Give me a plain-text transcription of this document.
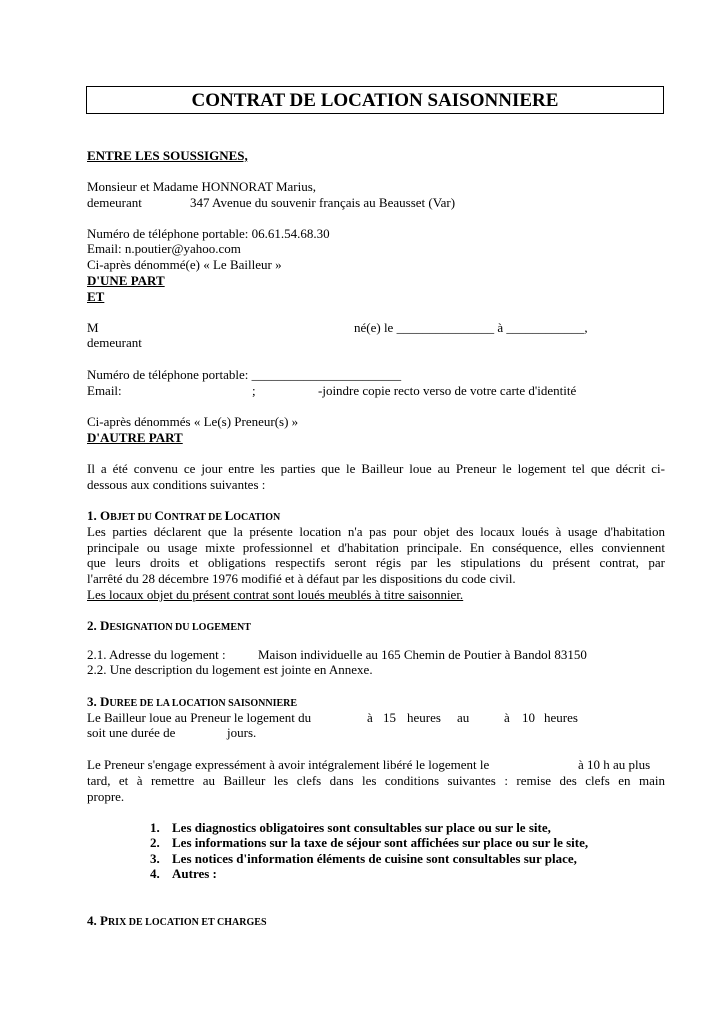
CONTRAT DE LOCATION SAISONNIERE
ENTRE LES SOUSSIGNES,
Monsieur et Madame HONNORAT Marius,
demeurant	347 Avenue du souvenir français au Beausset (Var)
Numéro de téléphone portable: 06.61.54.68.30
Email: n.poutier@yahoo.com
Ci-après dénommé(e) « Le Bailleur »
D'UNE PART
ET
M	né(e) le _______________ à ____________,
demeurant
Numéro de téléphone portable: _______________________
Email:	;	-joindre copie recto verso de votre carte d'identité
Ci-après dénommés « Le(s) Preneur(s) »
D'AUTRE PART
Il a été convenu ce jour entre les parties que le Bailleur loue au Preneur le logement tel que décrit ci-
dessous aux conditions suivantes :
1. OBJET DU CONTRAT DE LOCATION
Les parties déclarent que la présente location n'a pas pour objet des locaux loués à usage d'habitation
principale ou usage mixte professionnel et d'habitation principale. En conséquence, elles conviennent
que leurs droits et obligations respectifs seront régis par les stipulations du présent contrat, par
l'arrêté du 28 décembre 1976 modifié et à défaut par les dispositions du code civil.
Les locaux objet du présent contrat sont loués meublés à titre saisonnier.
2. DESIGNATION DU LOGEMENT
2.1. Adresse du logement : Maison individuelle au 165 Chemin de Poutier à Bandol 83150
2.2. Une description du logement est jointe en Annexe.
3. DUREE DE LA LOCATION SAISONNIERE
Le Bailleur loue au Preneur le logement du	à 15 heures au	à 10 heures
soit une durée de	jours.
Le Preneur s'engage expressément à avoir intégralement libéré le logement le	à 10 h au plus
tard, et à remettre au Bailleur les clefs dans les conditions suivantes : remise des clefs en main
propre.
1. Les diagnostics obligatoires sont consultables sur place ou sur le site,
2. Les informations sur la taxe de séjour sont affichées sur place ou sur le site,
3. Les notices d'information éléments de cuisine sont consultables sur place,
4. Autres :
4. PRIX DE LOCATION ET CHARGES
